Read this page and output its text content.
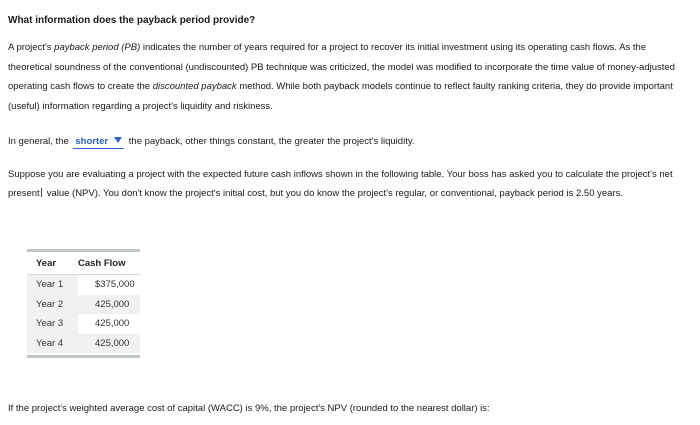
What information does the payback period provide?
A project's payback period (PB) indicates the number of years required for a project to recover its initial investment using its operating cash flows. As the theoretical soundness of the conventional (undiscounted) PB technique was criticized, the model was modified to incorporate the time value of money-adjusted operating cash flows to create the discounted payback method. While both payback models continue to reflect faulty ranking criteria, they do provide important (useful) information regarding a project's liquidity and riskiness.
In general, the shorter the payback, other things constant, the greater the project's liquidity.
Suppose you are evaluating a project with the expected future cash inflows shown in the following table. Your boss has asked you to calculate the project's net present value (NPV). You don't know the project's initial cost, but you do know the project's regular, or conventional, payback period is 2.50 years.
Year	Cash Flow
Year 1	$375,000
Year 2	425,000
Year 3	425,000
Year 4	425,000
If the project's weighted average cost of capital (WACC) is 9%, the project's NPV (rounded to the nearest dollar) is:
